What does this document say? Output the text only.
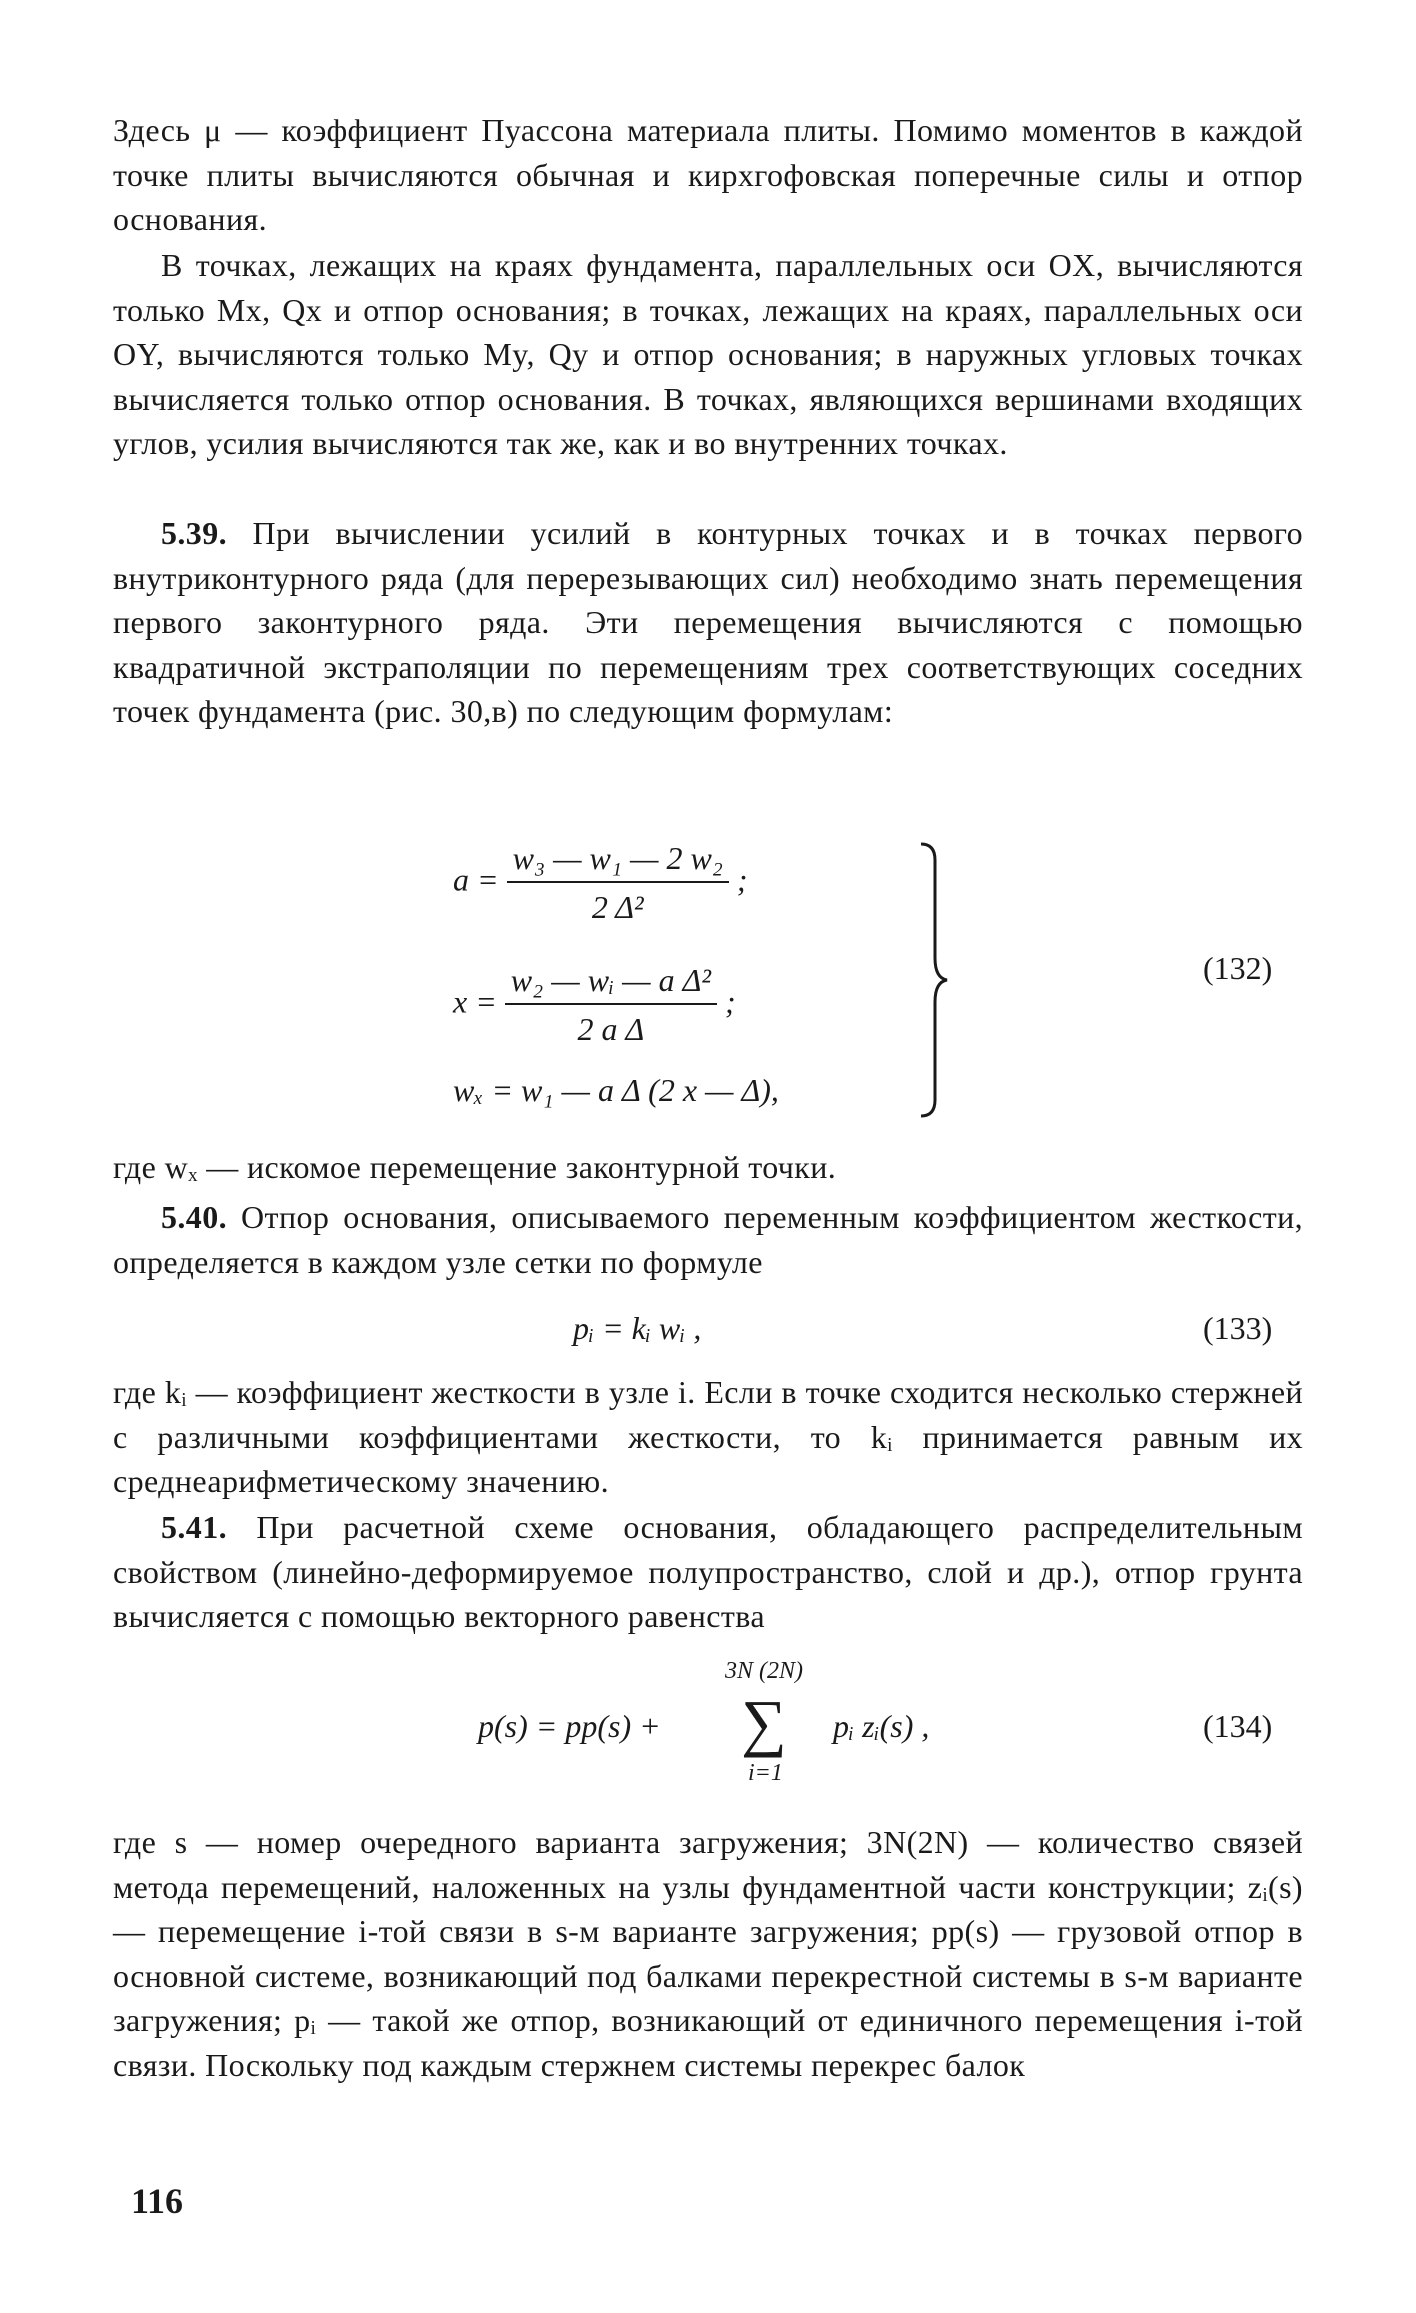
Здесь μ — коэффициент Пуассона материала плиты. Помимо моментов в каждой точке плиты вычисляются обычная и кирхгофовская поперечные силы и отпор основания.

В точках, лежащих на краях фундамента, параллельных оси OX, вычисляются только Mx, Qx и отпор основания; в точках, лежащих на краях, параллельных оси OY, вычисляются только My, Qy и отпор основания; в наружных угловых точках вычисляется только отпор основания. В точках, являющихся вершинами входящих углов, усилия вычисляются так же, как и во внутренних точках.

5.39. При вычислении усилий в контурных точках и в точках первого внутриконтурного ряда (для перерезывающих сил) необходимо знать перемещения первого законтурного ряда. Эти перемещения вычисляются с помощью квадратичной экстраполяции по перемещениям трех соответствующих соседних точек фундамента (рис. 30,в) по следующим формулам:

$a = \frac{\text{w₃ — w₁ — 2 w₂}}{\text{2 Δ²}}$ ;
$x = \frac{\text{w₂ — wᵢ — a Δ²}}{\text{2 a Δ}}$ ;
wₓ = w₁ — a Δ (2 x — Δ),
(132)

где wₓ — искомое перемещение законтурной точки.

5.40. Отпор основания, описываемого переменным коэффициентом жесткости, определяется в каждом узле сетки по формуле

pᵢ = kᵢ wᵢ ,	(133)

где kᵢ — коэффициент жесткости в узле i. Если в точке сходится несколько стержней с различными коэффициентами жесткости, то kᵢ принимается равным их среднеарифметическому значению.

5.41. При расчетной схеме основания, обладающего распределительным свойством (линейно-деформируемое полупространство, слой и др.), отпор грунта вычисляется с помощью векторного равенства

p(s) = pp(s) +
3N (2N)
∑
i=1
pᵢ zᵢ(s) ,	(134)

где s — номер очередного варианта загружения; 3N(2N) — количество связей метода перемещений, наложенных на узлы фундаментной части конструкции; zᵢ(s) — перемещение i-той связи в s-м варианте загружения; pp(s) — грузовой отпор в основной системе, возникающий под балками перекрестной системы в s-м варианте загружения; pᵢ — такой же отпор, возникающий от единичного перемещения i-той связи. Поскольку под каждым стержнем системы перекрес балок

116
